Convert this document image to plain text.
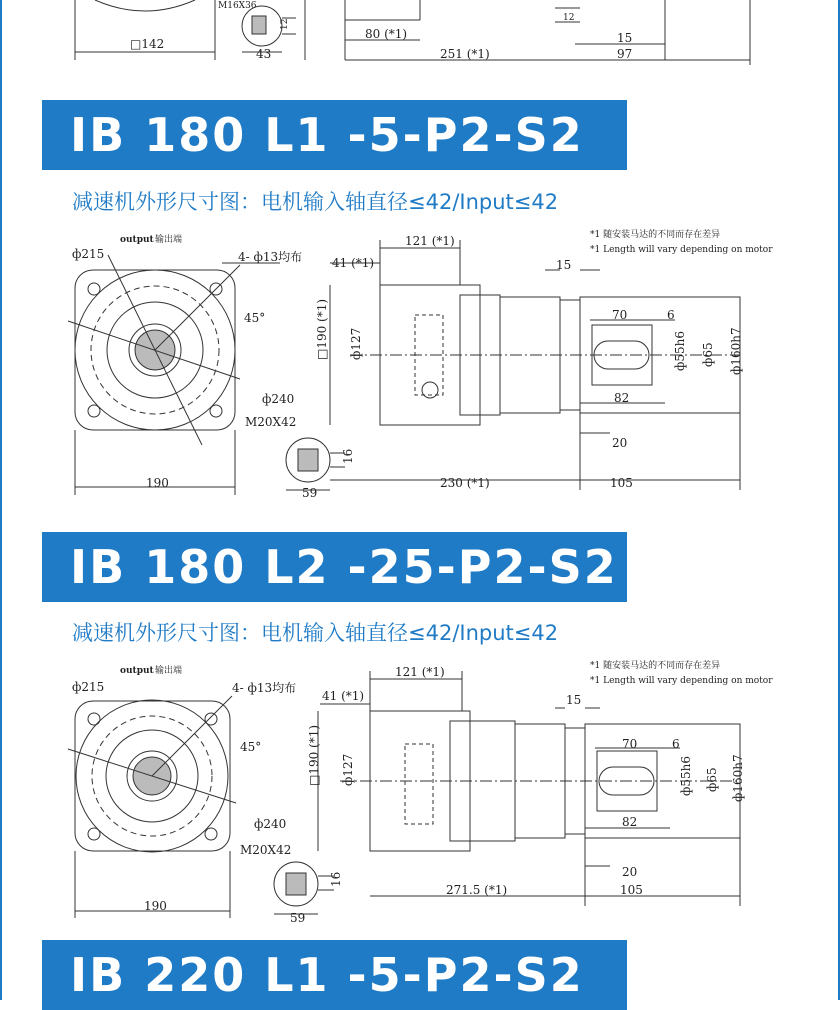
M16X36
12
□142
43
80 (*1)
251 (*1)
12
15
97
IB 180 L1 -5-P2-S2
减速机外形尺寸图：电机输入轴直径≤42/Input≤42
output 输出端
ф215	4- ф13均布
45°
ф240
M20X42
16
59
190
121 (*1)
41 (*1)	15
□190 (*1) ф127
70	6
ф55h6 ф65 ф160h7
82
20
230 (*1)	105
*1 随安装马达的不同而存在差异
*1 Length will vary depending on motor
IB 180 L2 -25-P2-S2
减速机外形尺寸图：电机输入轴直径≤42/Input≤42
output 输出端
ф215	4- ф13均布
45°
ф240
M20X42
16
59
190
121 (*1)
41 (*1)	15
□190 (*1) ф127
70	6
ф55h6 ф65 ф160h7
82
20
271.5 (*1)	105
*1 随安装马达的不同而存在差异
*1 Length will vary depending on motor
IB 220 L1 -5-P2-S2
